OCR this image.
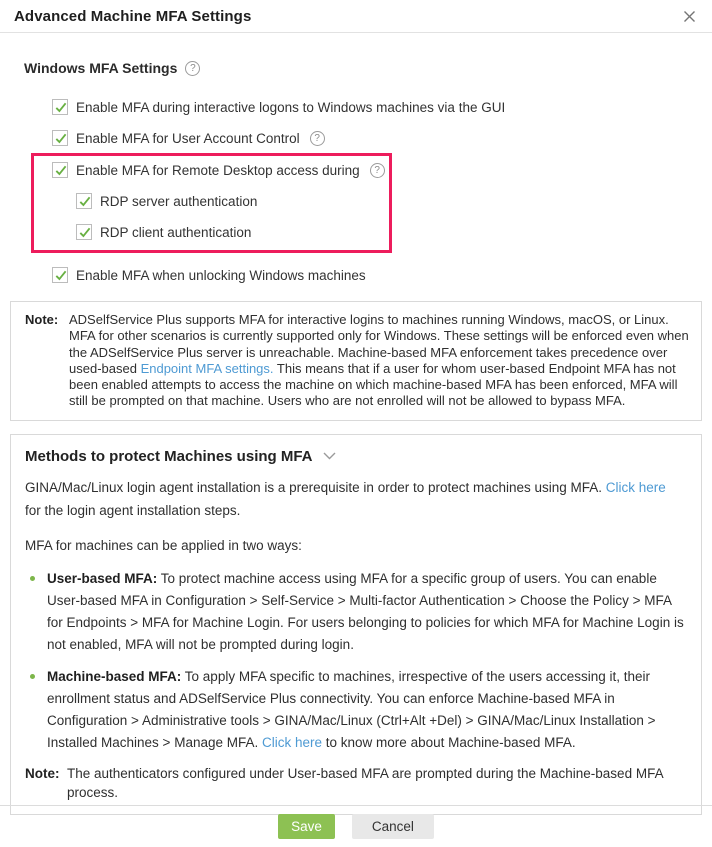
Advanced Machine MFA Settings
Windows MFA Settings	?
Enable MFA during interactive logons to Windows machines via the GUI
Enable MFA for User Account Control	?
Enable MFA for Remote Desktop access during	?
RDP server authentication
RDP client authentication
Enable MFA when unlocking Windows machines
Note: ADSelfService Plus supports MFA for interactive logins to machines running Windows, macOS, or Linux. MFA for other scenarios is currently supported only for Windows. These settings will be enforced even when the ADSelfService Plus server is unreachable. Machine-based MFA enforcement takes precedence over used-based Endpoint MFA settings. This means that if a user for whom user-based Endpoint MFA has not been enabled attempts to access the machine on which machine-based MFA has been enforced, MFA will still be prompted on that machine. Users who are not enrolled will not be allowed to bypass MFA.
Methods to protect Machines using MFA
GINA/Mac/Linux login agent installation is a prerequisite in order to protect machines using MFA. Click here for the login agent installation steps.
MFA for machines can be applied in two ways:
User-based MFA: To protect machine access using MFA for a specific group of users. You can enable User-based MFA in Configuration > Self-Service > Multi-factor Authentication > Choose the Policy > MFA for Endpoints > MFA for Machine Login. For users belonging to policies for which MFA for Machine Login is not enabled, MFA will not be prompted during login.
Machine-based MFA: To apply MFA specific to machines, irrespective of the users accessing it, their enrollment status and ADSelfService Plus connectivity. You can enforce Machine-based MFA in Configuration > Administrative tools > GINA/Mac/Linux (Ctrl+Alt +Del) > GINA/Mac/Linux Installation > Installed Machines > Manage MFA. Click here to know more about Machine-based MFA.
Note: The authenticators configured under User-based MFA are prompted during the Machine-based MFA process.
Save	Cancel
